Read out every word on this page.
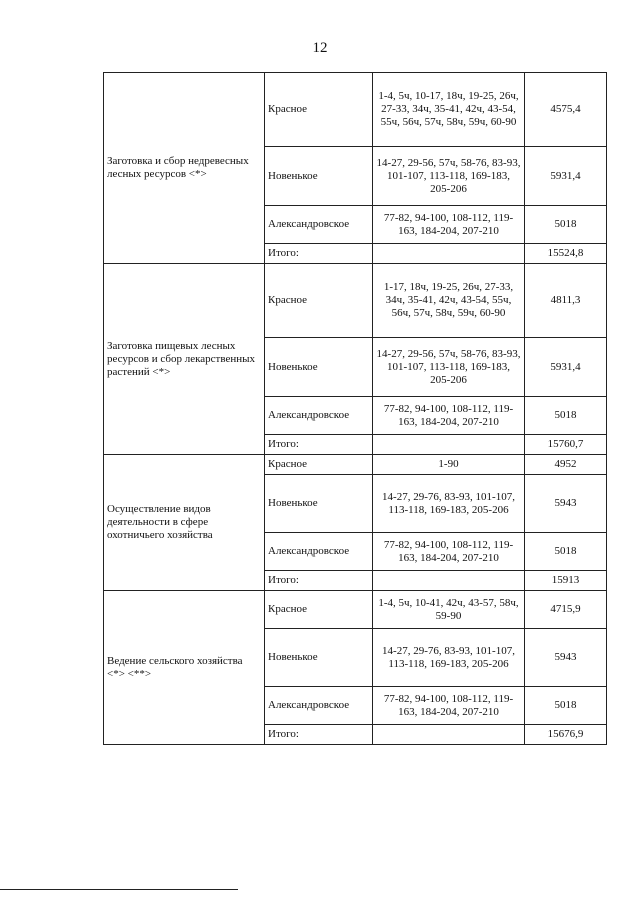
12
Заготовка и сбор недревесных лесных ресурсов <*>	Красное	1-4, 5ч, 10-17, 18ч, 19-25, 26ч, 27-33, 34ч, 35-41, 42ч, 43-54, 55ч, 56ч, 57ч, 58ч, 59ч, 60-90	4575,4
	Новенькое	14-27, 29-56, 57ч, 58-76, 83-93, 101-107, 113-118, 169-183, 205-206	5931,4
	Александровское	77-82, 94-100, 108-112, 119-163, 184-204, 207-210	5018
	Итого:		15524,8
Заготовка пищевых лесных ресурсов и сбор лекарственных растений <*>	Красное	1-17, 18ч, 19-25, 26ч, 27-33, 34ч, 35-41, 42ч, 43-54, 55ч, 56ч, 57ч, 58ч, 59ч, 60-90	4811,3
	Новенькое	14-27, 29-56, 57ч, 58-76, 83-93, 101-107, 113-118, 169-183, 205-206	5931,4
	Александровское	77-82, 94-100, 108-112, 119-163, 184-204, 207-210	5018
	Итого:		15760,7
Осуществление видов деятельности в сфере охотничьего хозяйства	Красное	1-90	4952
	Новенькое	14-27, 29-76, 83-93, 101-107, 113-118, 169-183, 205-206	5943
	Александровское	77-82, 94-100, 108-112, 119-163, 184-204, 207-210	5018
	Итого:		15913
Ведение сельского хозяйства <*> <**>	Красное	1-4, 5ч, 10-41, 42ч, 43-57, 58ч, 59-90	4715,9
	Новенькое	14-27, 29-76, 83-93, 101-107, 113-118, 169-183, 205-206	5943
	Александровское	77-82, 94-100, 108-112, 119-163, 184-204, 207-210	5018
	Итого:		15676,9
